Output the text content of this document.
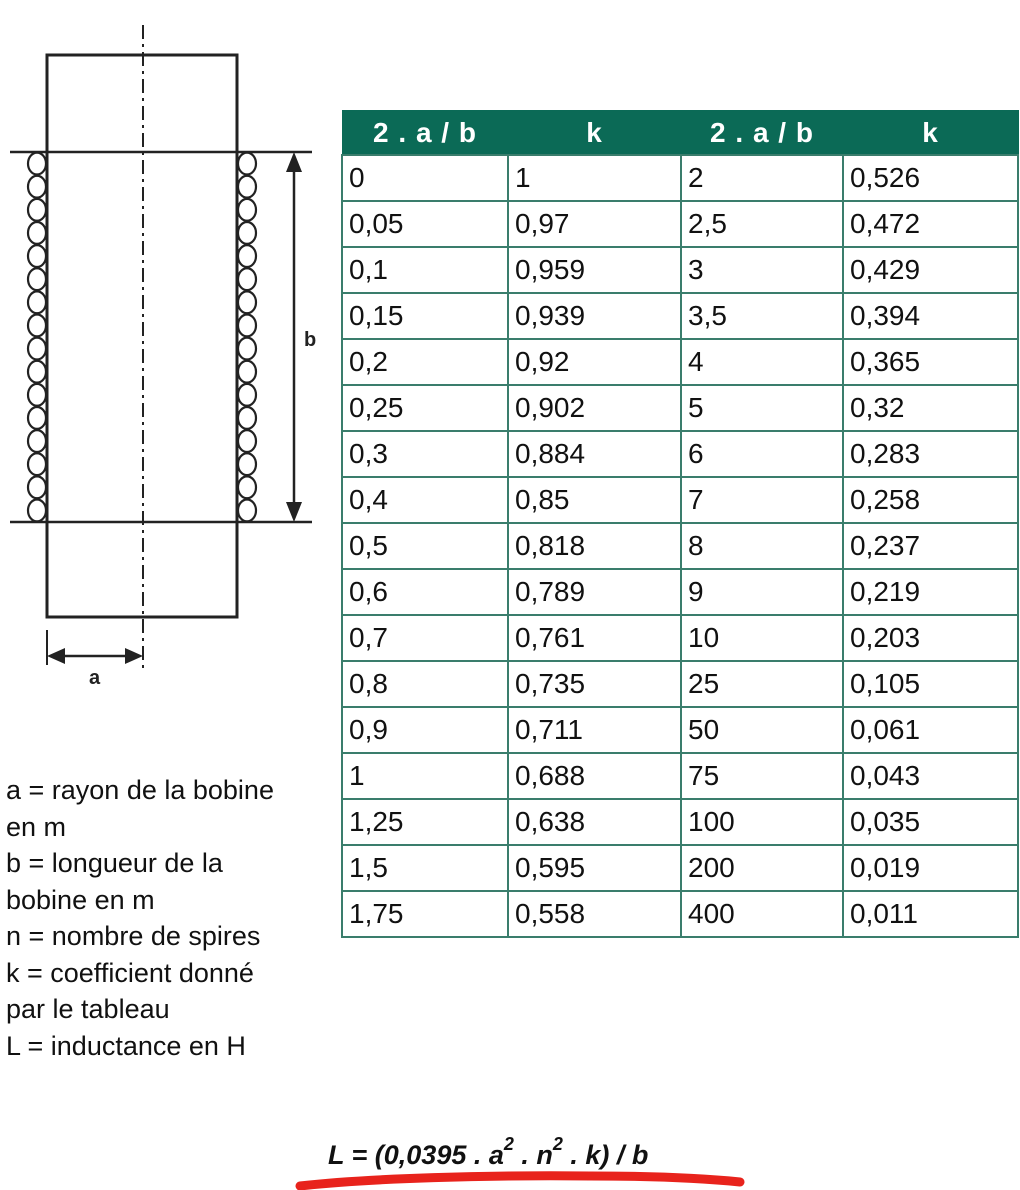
b
a
2 . a / b	k	2 . a / b	k
0	1	2	0,526
0,05	0,97	2,5	0,472
0,1	0,959	3	0,429
0,15	0,939	3,5	0,394
0,2	0,92	4	0,365
0,25	0,902	5	0,32
0,3	0,884	6	0,283
0,4	0,85	7	0,258
0,5	0,818	8	0,237
0,6	0,789	9	0,219
0,7	0,761	10	0,203
0,8	0,735	25	0,105
0,9	0,711	50	0,061
1	0,688	75	0,043
1,25	0,638	100	0,035
1,5	0,595	200	0,019
1,75	0,558	400	0,011
a = rayon de la bobine
en m
b = longueur de la
bobine en m
n = nombre de spires
k = coefficient donné
par le tableau
L = inductance en H
L = (0,0395 . $a^2$ . $n^2$ . k) / b
